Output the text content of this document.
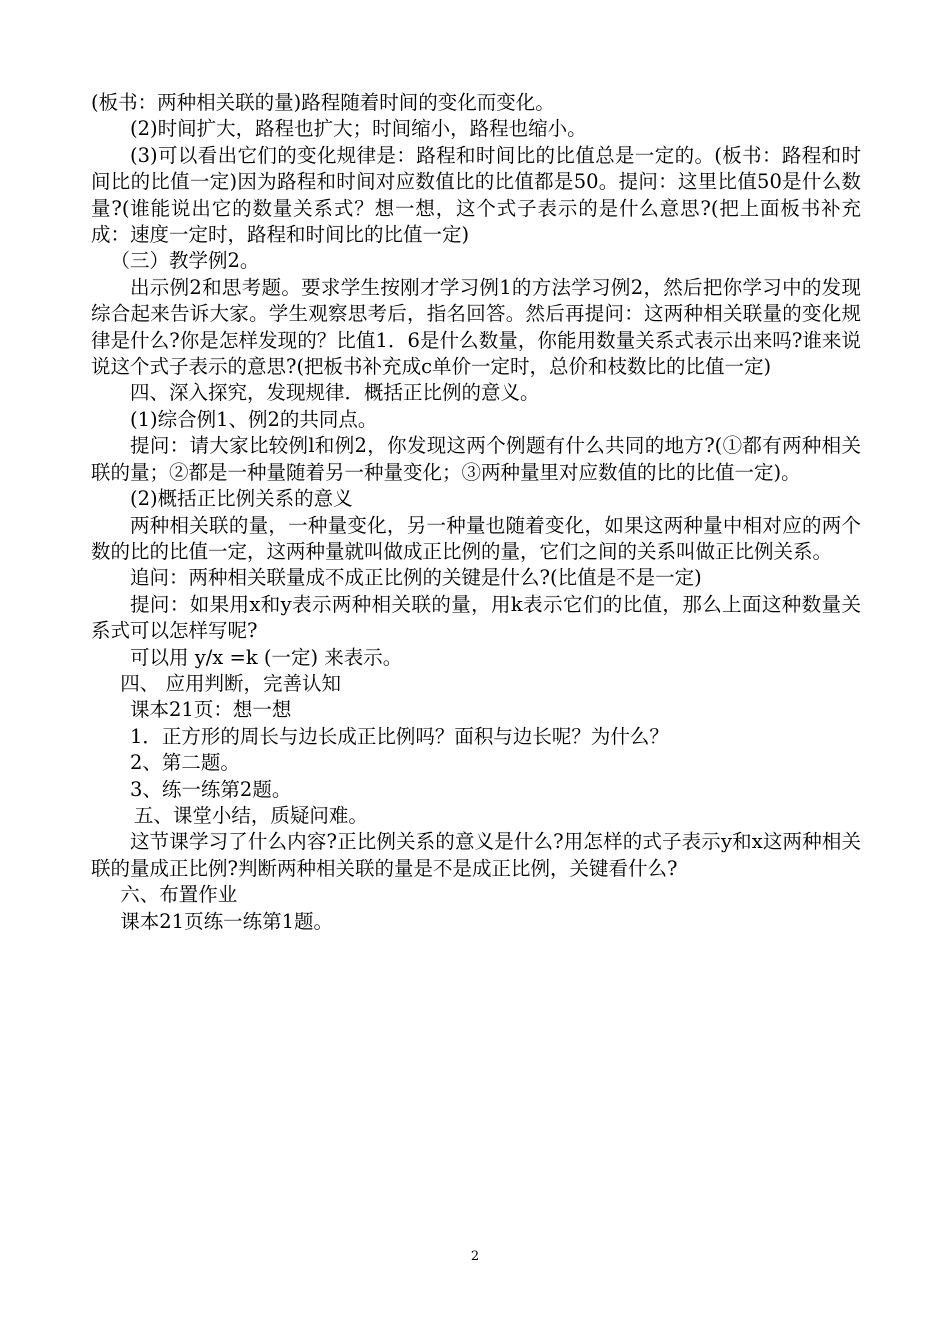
(板书：两种相关联的量)路程随着时间的变化而变化。

(2)时间扩大，路程也扩大；时间缩小，路程也缩小。

(3)可以看出它们的变化规律是：路程和时间比的比值总是一定的。(板书：路程和时间比的比值一定)因为路程和时间对应数值比的比值都是50。提问：这里比值50是什么数量?(谁能说出它的数量关系式？想一想，这个式子表示的是什么意思?(把上面板书补充成：速度一定时，路程和时间比的比值一定)

（三）教学例2。

出示例2和思考题。要求学生按刚才学习例1的方法学习例2，然后把你学习中的发现综合起来告诉大家。学生观察思考后，指名回答。然后再提问：这两种相关联量的变化规律是什么?你是怎样发现的？比值1．6是什么数量，你能用数量关系式表示出来吗?谁来说说这个式子表示的意思?(把板书补充成c单价一定时，总价和枝数比的比值一定)

四、深入探究，发现规律．概括正比例的意义。

(1)综合例1、例2的共同点。

提问：请大家比较例l和例2，你发现这两个例题有什么共同的地方?(①都有两种相关联的量；②都是一种量随着另一种量变化；③两种量里对应数值的比的比值一定)。

(2)概括正比例关系的意义

两种相关联的量，一种量变化，另一种量也随着变化，如果这两种量中相对应的两个数的比的比值一定，这两种量就叫做成正比例的量，它们之间的关系叫做正比例关系。

追问：两种相关联量成不成正比例的关键是什么?(比值是不是一定)

提问：如果用x和y表示两种相关联的量，用k表示它们的比值，那么上面这种数量关系式可以怎样写呢?

可以用 y/x =k (一定) 来表示。

四、 应用判断，完善认知

课本21页：想一想

1．正方形的周长与边长成正比例吗？面积与边长呢？为什么？

2、第二题。

3、练一练第2题。

五、课堂小结，质疑问难。

这节课学习了什么内容?正比例关系的意义是什么?用怎样的式子表示y和x这两种相关联的量成正比例?判断两种相关联的量是不是成正比例，关键看什么?

六、布置作业

课本21页练一练第1题。

2
